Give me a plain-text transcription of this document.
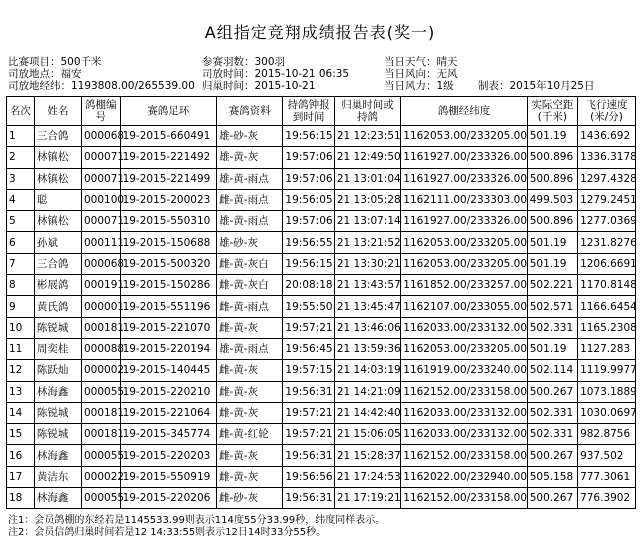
A组指定竞翔成绩报告表(奖一)
比赛项目：500千米	参赛羽数：300羽	当日天气：晴天
司放地点：福安	司放时间：2015-10-21 06:35	当日风向：无风
司放地经纬：1193808.00/265539.00 归巢时间：2015-10-21	当日风力：1级 制表：2015年10月25日
名次	姓名	鸽棚编号	赛鸽足环	赛鸽资料	持鸽钟报到时间	归巢时间或持鸽	鸽棚经纬度	实际空距(千米)	飞行速度(米/分)
1	三合鸽	000068	19-2015-660491	雄-砂-灰	19:56:15	21 12:23:51	1162053.00/233205.00	501.19	1436.692
2	林镇松	000071	19-2015-221492	雄-黄-灰	19:57:06	21 12:49:50	1161927.00/233326.00	500.896	1336.3178
3	林镇松	000071	19-2015-221499	雄-黄-雨点	19:57:06	21 13:01:04	1161927.00/233326.00	500.896	1297.4328
4	聪	000100	19-2015-200023	雌-黄-雨点	19:56:05	21 13:05:28	1162111.00/233303.00	499.503	1279.2451
5	林镇松	000071	19-2015-550310	雄-黄-雨点	19:57:06	21 13:07:14	1161927.00/233326.00	500.896	1277.0369
6	孙斌	000111	19-2015-150688	雄-砂-灰	19:56:55	21 13:21:52	1162053.00/233205.00	501.19	1231.8276
7	三合鸽	000068	19-2015-500320	雌-黄-灰白	19:56:15	21 13:30:21	1162053.00/233205.00	501.19	1206.6691
8	彬展鸽	000191	19-2015-150286	雌-黄-灰白	20:08:18	21 13:43:57	1161852.00/233257.00	502.221	1170.8148
9	黄氏鸽	000001	19-2015-551196	雌-黄-雨点	19:55:50	21 13:45:47	1162107.00/233055.00	502.571	1166.6454
10	陈锐城	000181	19-2015-221070	雌-黄-灰	19:57:21	21 13:46:06	1162033.00/233132.00	502.331	1165.2308
11	周奕桂	000088	19-2015-220194	雄-黄-雨点	19:56:45	21 13:59:36	1162053.00/233205.00	501.19	1127.283
12	陈跃灿	000002	19-2015-140445	雌-黄-灰	19:57:15	21 14:03:19	1161919.00/233240.00	502.114	1119.9977
13	林海鑫	000055	19-2015-220210	雌-黄-灰	19:56:31	21 14:21:09	1162152.00/233158.00	500.267	1073.1889
14	陈锐城	000181	19-2015-221064	雌-黄-灰	19:57:21	21 14:42:40	1162033.00/233132.00	502.331	1030.0697
15	陈锐城	000181	19-2015-345774	雌-黄-红轮	19:57:21	21 15:06:05	1162033.00/233132.00	502.331	982.8756
16	林海鑫	000055	19-2015-220203	雌-黄-灰	19:56:31	21 15:28:37	1162152.00/233158.00	500.267	937.502
17	黄洁东	000022	19-2015-550919	雌-黄-灰	19:56:56	21 17:24:53	1162022.00/232940.00	505.158	777.3061
18	林海鑫	000055	19-2015-220206	雌-砂-灰	19:56:31	21 17:19:21	1162152.00/233158.00	500.267	776.3902
注1：会员鸽棚的东经若是1145533.99则表示114度55分33.99秒，纬度同样表示。
注2：会员信鸽归巢时间若是12 14:33:55则表示12日14时33分55秒。
